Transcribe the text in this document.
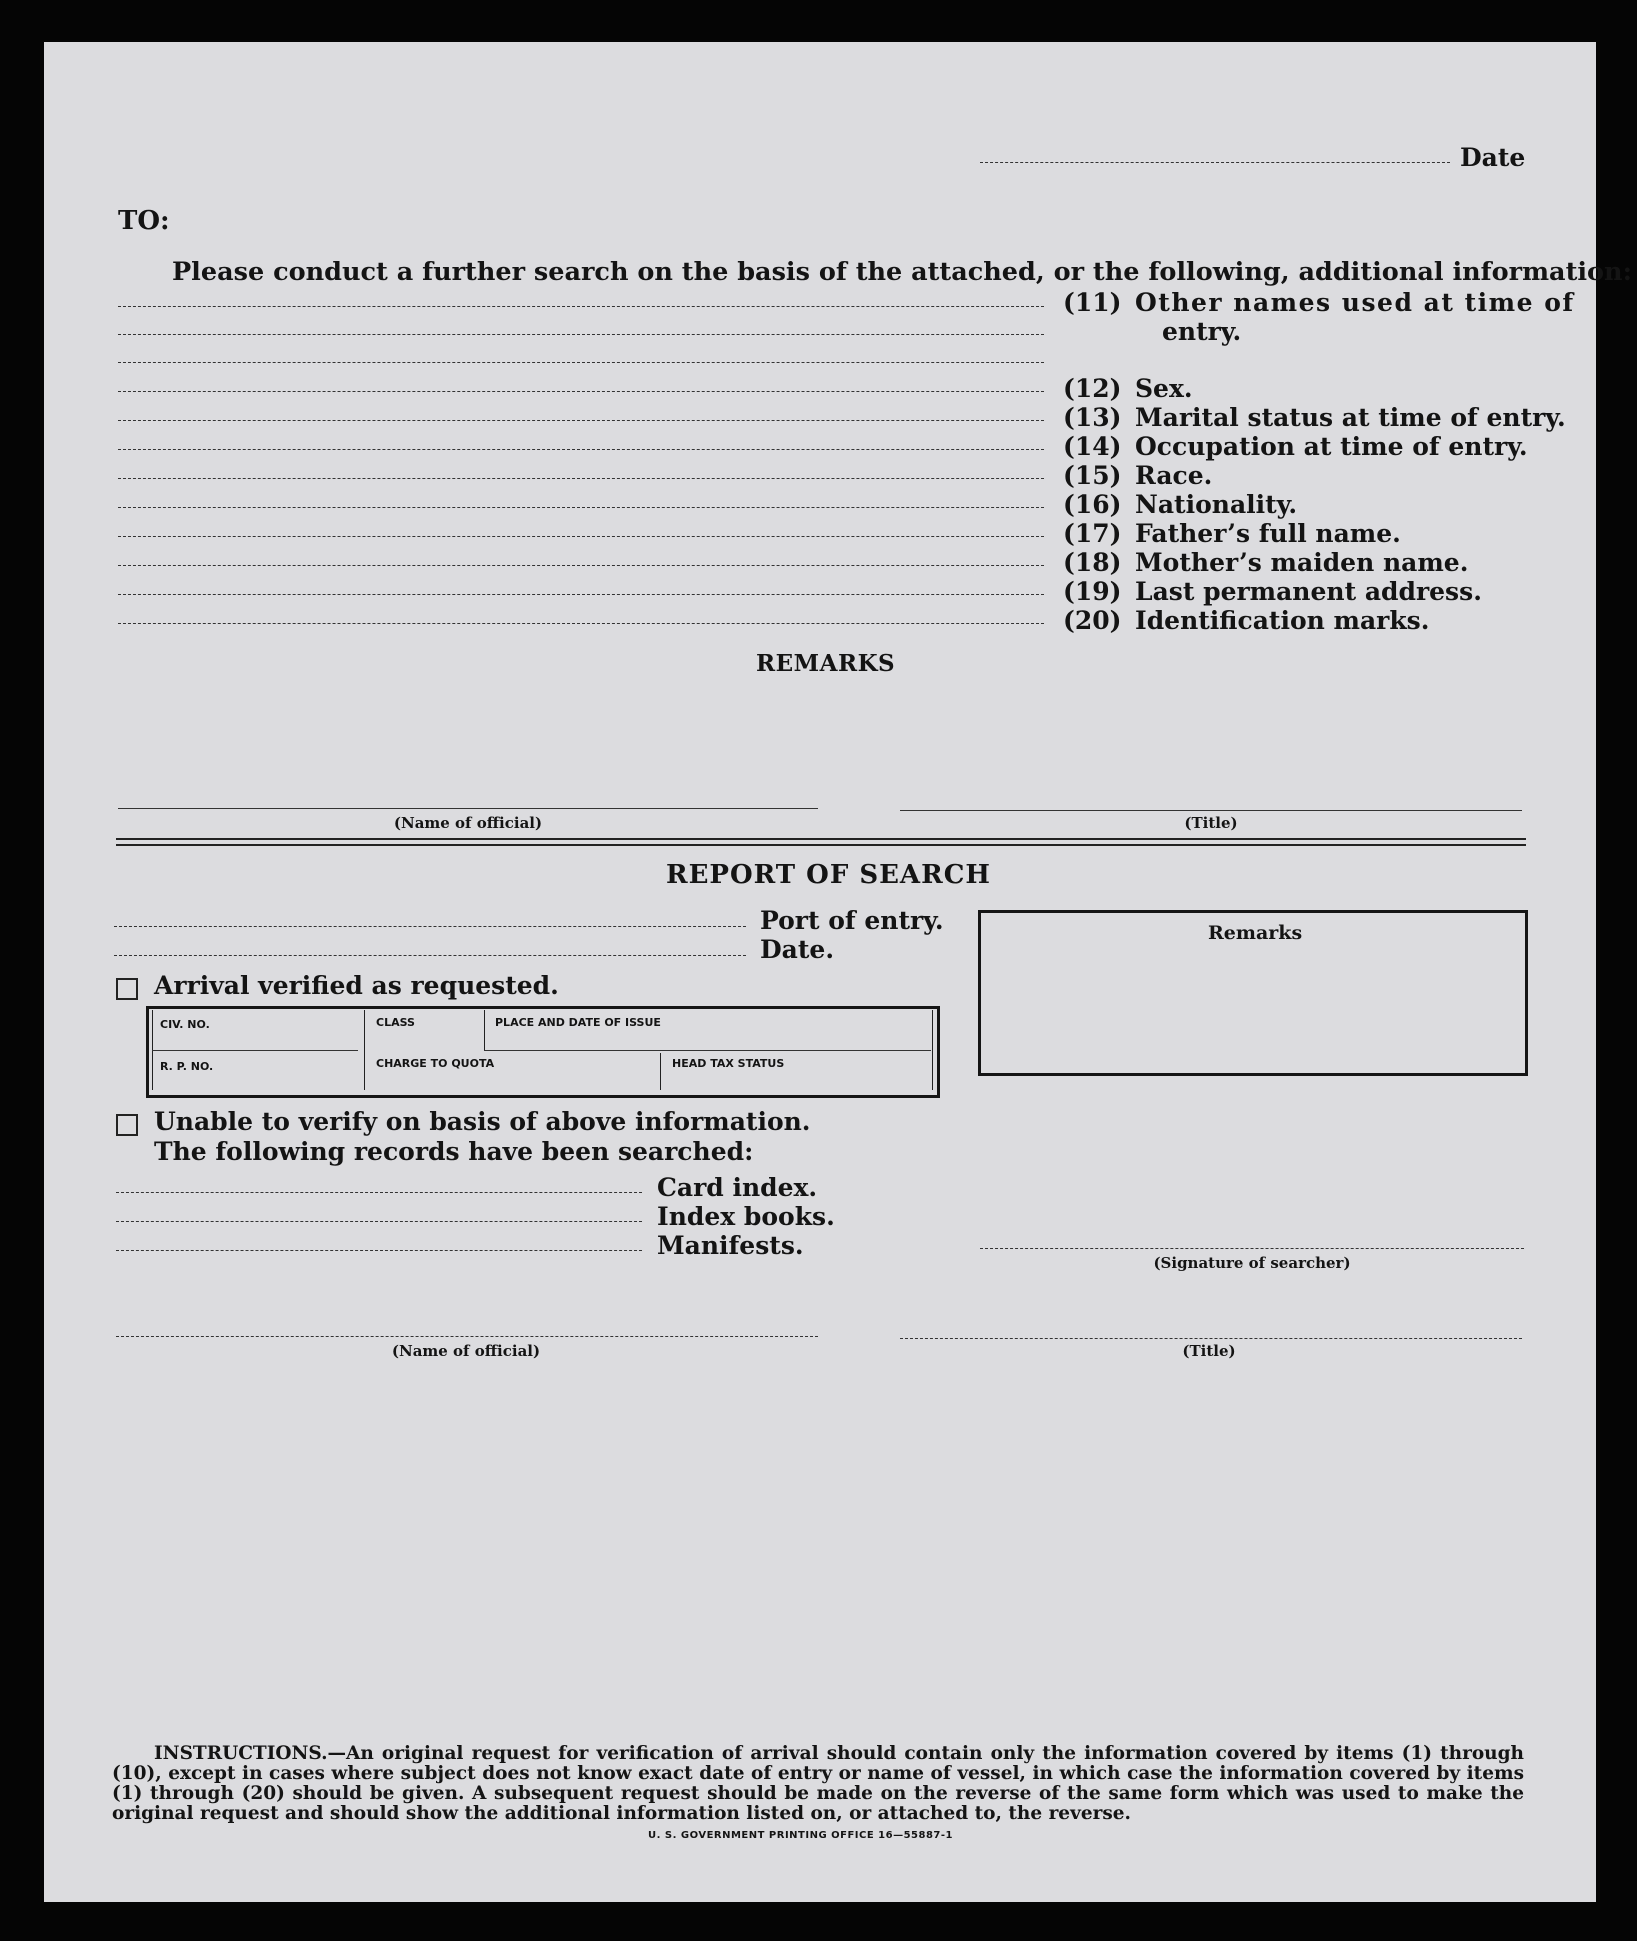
Date
TO:
Please conduct a further search on the basis of the attached, or the following, additional information:
(11) Other names used at time of
entry.
(12) Sex.
(13) Marital status at time of entry.
(14) Occupation at time of entry.
(15) Race.
(16) Nationality.
(17) Father’s full name.
(18) Mother’s maiden name.
(19) Last permanent address.
(20) Identification marks.
REMARKS
(Name of official)	(Title)
REPORT OF SEARCH
Port of entry.
Date.
Arrival verified as requested.
CIV. NO.	CLASS	PLACE AND DATE OF ISSUE
R. P. NO.	CHARGE TO QUOTA	HEAD TAX STATUS
Remarks
Unable to verify on basis of above information.
The following records have been searched:
Card index.
Index books.
Manifests.
(Signature of searcher)
(Name of official)	(Title)
INSTRUCTIONS.—An original request for verification of arrival should contain only the information covered by items (1) through (10), except in cases where subject does not know exact date of entry or name of vessel, in which case the information covered by items (1) through (20) should be given. A subsequent request should be made on the reverse of the same form which was used to make the original request and should show the additional information listed on, or attached to, the reverse.
U. S. GOVERNMENT PRINTING OFFICE 16—55887-1
